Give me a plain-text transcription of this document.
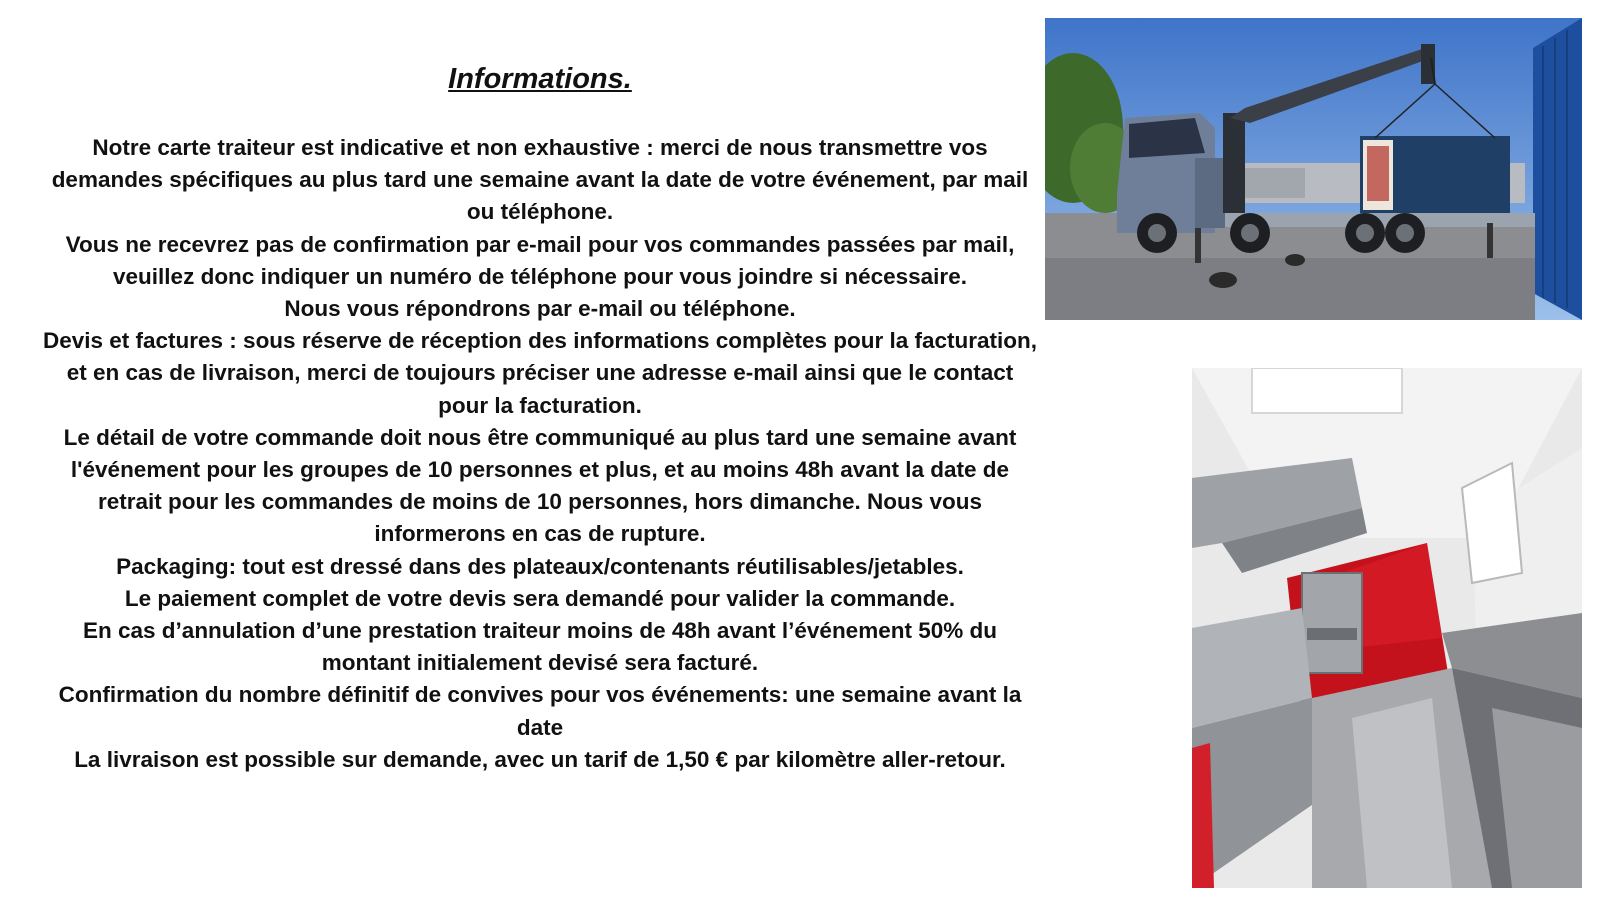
Informations.

Notre carte traiteur est indicative et non exhaustive : merci de nous transmettre vos demandes spécifiques au plus tard une semaine avant la date de votre événement, par mail ou téléphone.

Vous ne recevrez pas de confirmation par e-mail pour vos commandes passées par mail, veuillez donc indiquer un numéro de téléphone pour vous joindre si nécessaire.

Nous vous répondrons par e-mail ou téléphone.

Devis et factures : sous réserve de réception des informations complètes pour la facturation, et en cas de livraison, merci de toujours préciser une adresse e-mail ainsi que le contact pour la facturation.

Le détail de votre commande doit nous être communiqué au plus tard une semaine avant l'événement pour les groupes de 10 personnes et plus, et au moins 48h avant la date de retrait pour les commandes de moins de 10 personnes, hors dimanche. Nous vous informerons en cas de rupture.

Packaging: tout est dressé dans des plateaux/contenants réutilisables/jetables.

Le paiement complet de votre devis sera demandé pour valider la commande.

En cas d’annulation d’une prestation traiteur moins de 48h avant l’événement 50% du montant initialement devisé sera facturé.

Confirmation du nombre définitif de convives pour vos événements: une semaine avant la date

La livraison est possible sur demande, avec un tarif de 1,50 € par kilomètre aller-retour.
